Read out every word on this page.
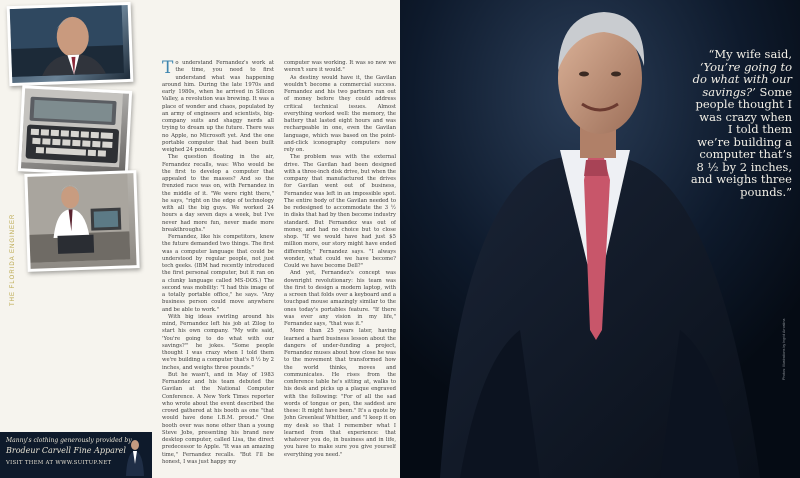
THE FLORIDA ENGINEER

To understand Fernandez's work at the time, you need to first understand what was happening around him. During the late 1970s and early 1980s, when he arrived in Silicon Valley, a revolution was brewing. It was a place of wonder and chaos, populated by an army of engineers and scientists, big-company suits and shaggy nerds all trying to dream up the future. There was no Apple, no Microsoft yet. And the one portable computer that had been built weighed 24 pounds.

The question floating in the air, Fernandez recalls, was: Who would be the first to develop a computer that appealed to the masses? And so the frenzied race was on, with Fernandez in the middle of it. "We were right there," he says, "right on the edge of technology with all the big guys. We worked 24 hours a day seven days a week, but I've never had more fun, never made more breakthroughs."

Fernandez, like his competitors, knew the future demanded two things. The first was a computer language that could be understood by regular people, not just tech geeks. (IBM had recently introduced the first personal computer, but it ran on a clunky language called MS-DOS.) The second was mobility: "I had this image of a totally portable office," he says. "Any business person could move anywhere and be able to work."

With big ideas swirling around his mind, Fernandez left his job at Zilog to start his own company. "My wife said, 'You're going to do what with our savings?'" he jokes. "Some people thought I was crazy when I told them we're building a computer that's 8 ½ by 2 inches, and weighs three pounds."

But he wasn't, and in May of 1983 Fernandez and his team debuted the Gavilan at the National Computer Conference. A New York Times reporter who wrote about the event described the crowd gathered at his booth as one "that would have done I.B.M. proud." One booth over was none other than a young Steve Jobs, presenting his brand new desktop computer, called Lisa, the direct predecessor to Apple. "It was an amazing time," Fernandez recalls. "But I'll be honest, I was just happy my

computer was working. It was so new we weren't sure it would."

As destiny would have it, the Gavilan wouldn't become a commercial success. Fernandez and his two partners ran out of money before they could address critical technical issues. Almost everything worked well: the memory, the battery that lasted eight hours and was rechargeable in one, even the Gavilan language, which was based on the point-and-click iconography computers now rely on.

The problem was with the external drive. The Gavilan had been designed with a three-inch disk drive, but when the company that manufactured the drives for Gavilan went out of business, Fernandez was left in an impossible spot. The entire body of the Gavilan needed to be redesigned to accommodate the 3 ½ in disks that had by then become industry standard. But Fernandez was out of money, and had no choice but to close shop. "If we would have had just $5 million more, our story might have ended differently," Fernandez says. "I always wonder, what could we have become? Could we have become Dell?"

And yet, Fernandez's concept was downright revolutionary: his team was the first to design a modern laptop, with a screen that folds over a keyboard and a touchpad mouse amazingly similar to the ones today's portables feature. "If there was ever any vision in my life," Fernandez says, "that was it."

More than 25 years later, having learned a hard business lesson about the dangers of under-funding a project, Fernandez muses about how close he was to the movement that transformed how the world thinks, moves and communicates. He rises from the conference table he's sitting at, walks to his desk and picks up a plaque engraved with the following: "For of all the sad words of tongue or pen, the saddest are these: It might have been." It's a quote by John Greenleaf Whittier, and "I keep it on my desk so that I remember what I learned from that experience: that whatever you do, in business and in life, you have to make sure you give yourself everything you need."

Manny's clothing generously provided by
Brodeur Carvell Fine Apparel
VISIT THEM AT WWW.SUITUP.NET

“My wife said,
‘You’re going to
do what with our
savings?’ Some
people thought I
was crazy when
I told them
we’re building a
computer that’s
8 ½ by 2 inches,
and weighs three
pounds.”

Photos: Illustrations by Ingrid Arrostina
